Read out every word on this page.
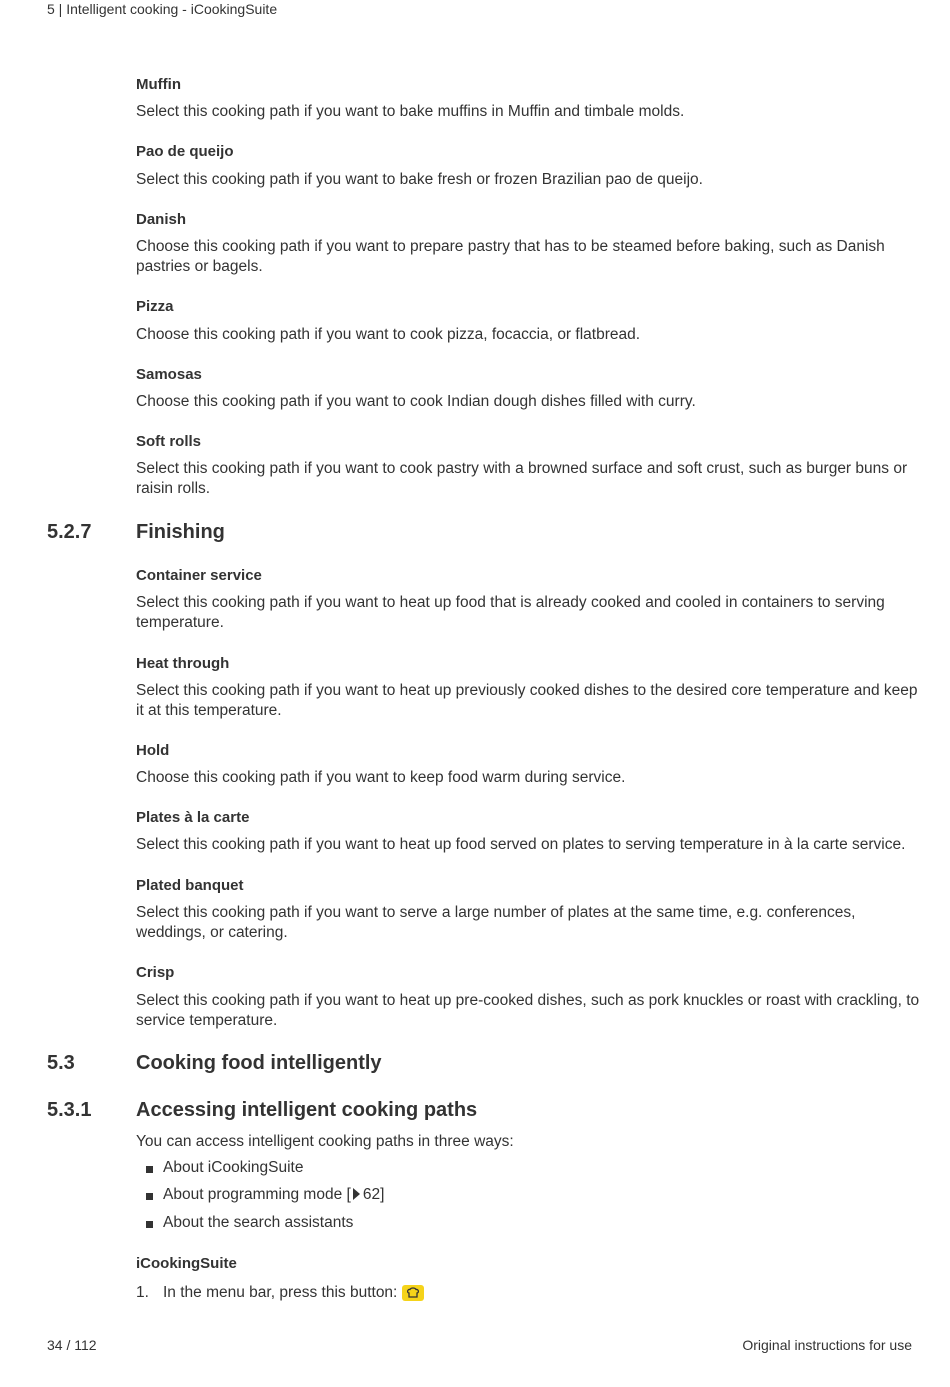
5 | Intelligent cooking - iCookingSuite
Muffin
Select this cooking path if you want to bake muffins in Muffin and timbale molds.
Pao de queijo
Select this cooking path if you want to bake fresh or frozen Brazilian pao de queijo.
Danish
Choose this cooking path if you want to prepare pastry that has to be steamed before baking, such as Danish pastries or bagels.
Pizza
Choose this cooking path if you want to cook pizza, focaccia, or flatbread.
Samosas
Choose this cooking path if you want to cook Indian dough dishes filled with curry.
Soft rolls
Select this cooking path if you want to cook pastry with a browned surface and soft crust, such as burger buns or raisin rolls.
5.2.7 Finishing
Container service
Select this cooking path if you want to heat up food that is already cooked and cooled in containers to serving temperature.
Heat through
Select this cooking path if you want to heat up previously cooked dishes to the desired core temperature and keep it at this temperature.
Hold
Choose this cooking path if you want to keep food warm during service.
Plates à la carte
Select this cooking path if you want to heat up food served on plates to serving temperature in à la carte service.
Plated banquet
Select this cooking path if you want to serve a large number of plates at the same time, e.g. conferences, weddings, or catering.
Crisp
Select this cooking path if you want to heat up pre-cooked dishes, such as pork knuckles or roast with crackling, to service temperature.
5.3	Cooking food intelligently
5.3.1 Accessing intelligent cooking paths
You can access intelligent cooking paths in three ways:
About iCookingSuite
About programming mode [ 62]
About the search assistants
iCookingSuite
1. In the menu bar, press this button:
34 / 112	Original instructions for use
